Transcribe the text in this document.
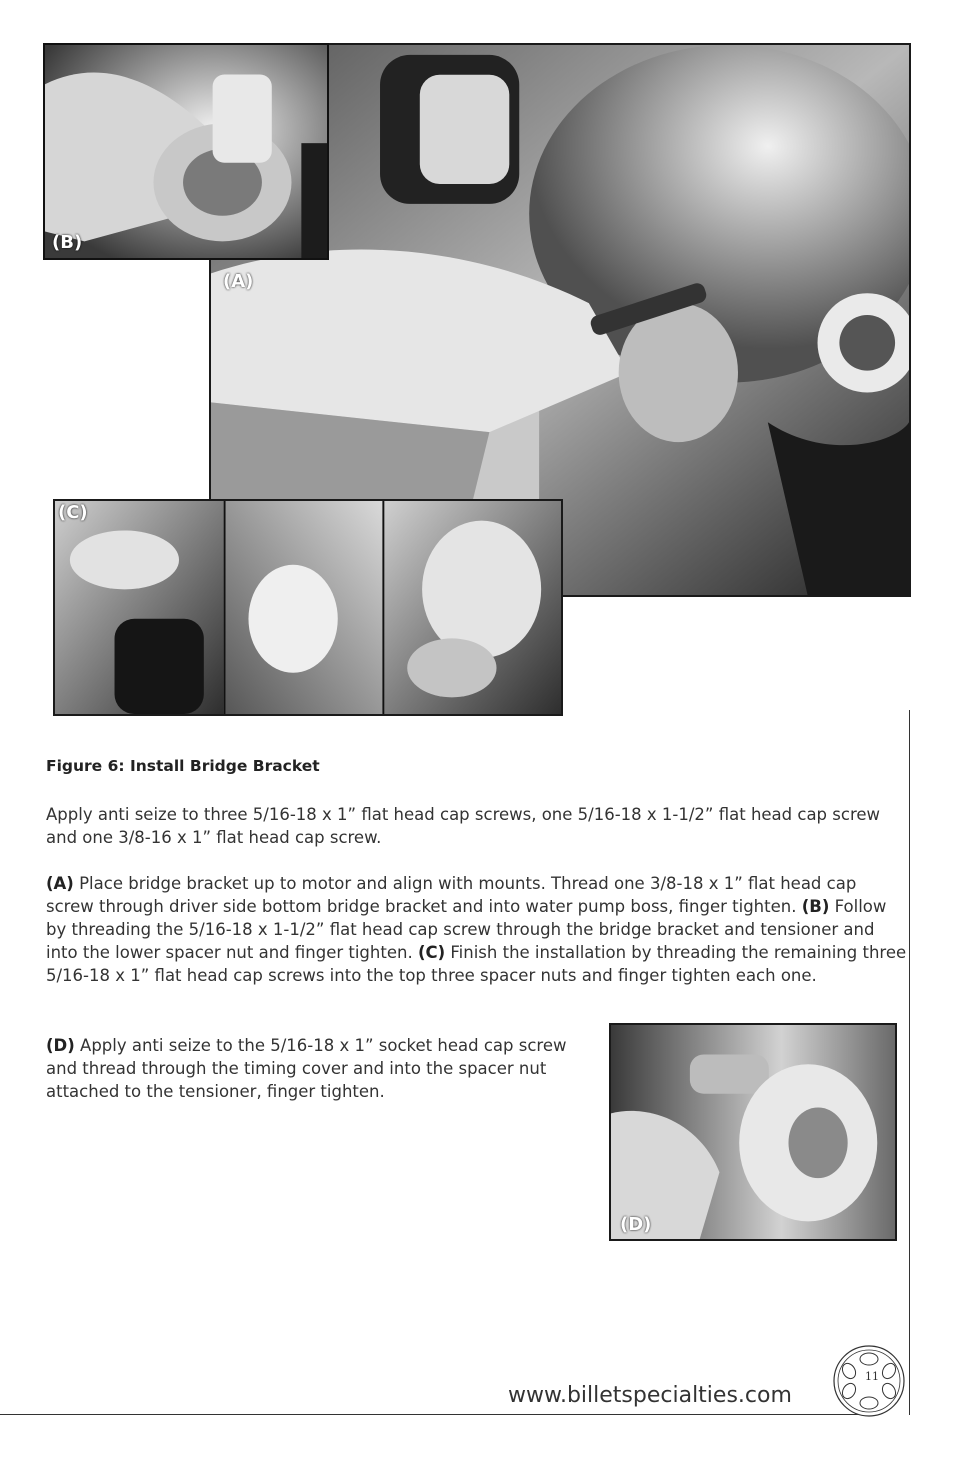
(A)
(B)
(C)
(D)
Figure 6: Install Bridge Bracket

Apply anti seize to three 5/16-18 x 1” flat head cap screws, one 5/16-18 x 1-1/2” flat head cap screw and one 3/8-16 x 1” flat head cap screw.

(A) Place bridge bracket up to motor and align with mounts. Thread one 3/8-18 x 1” flat head cap screw through driver side bottom bridge bracket and into water pump boss, finger tighten. (B) Follow by threading the 5/16-18 x 1-1/2” flat head cap screw through the bridge bracket and tensioner and into the lower spacer nut and finger tighten. (C) Finish the installation by threading the remaining three 5/16-18 x 1” flat head cap screws into the top three spacer nuts and finger tighten each one.

(D) Apply anti seize to the 5/16-18 x 1” socket head cap screw and thread through the timing cover and into the spacer nut attached to the tensioner, finger tighten.

www.billetspecialties.com
11
